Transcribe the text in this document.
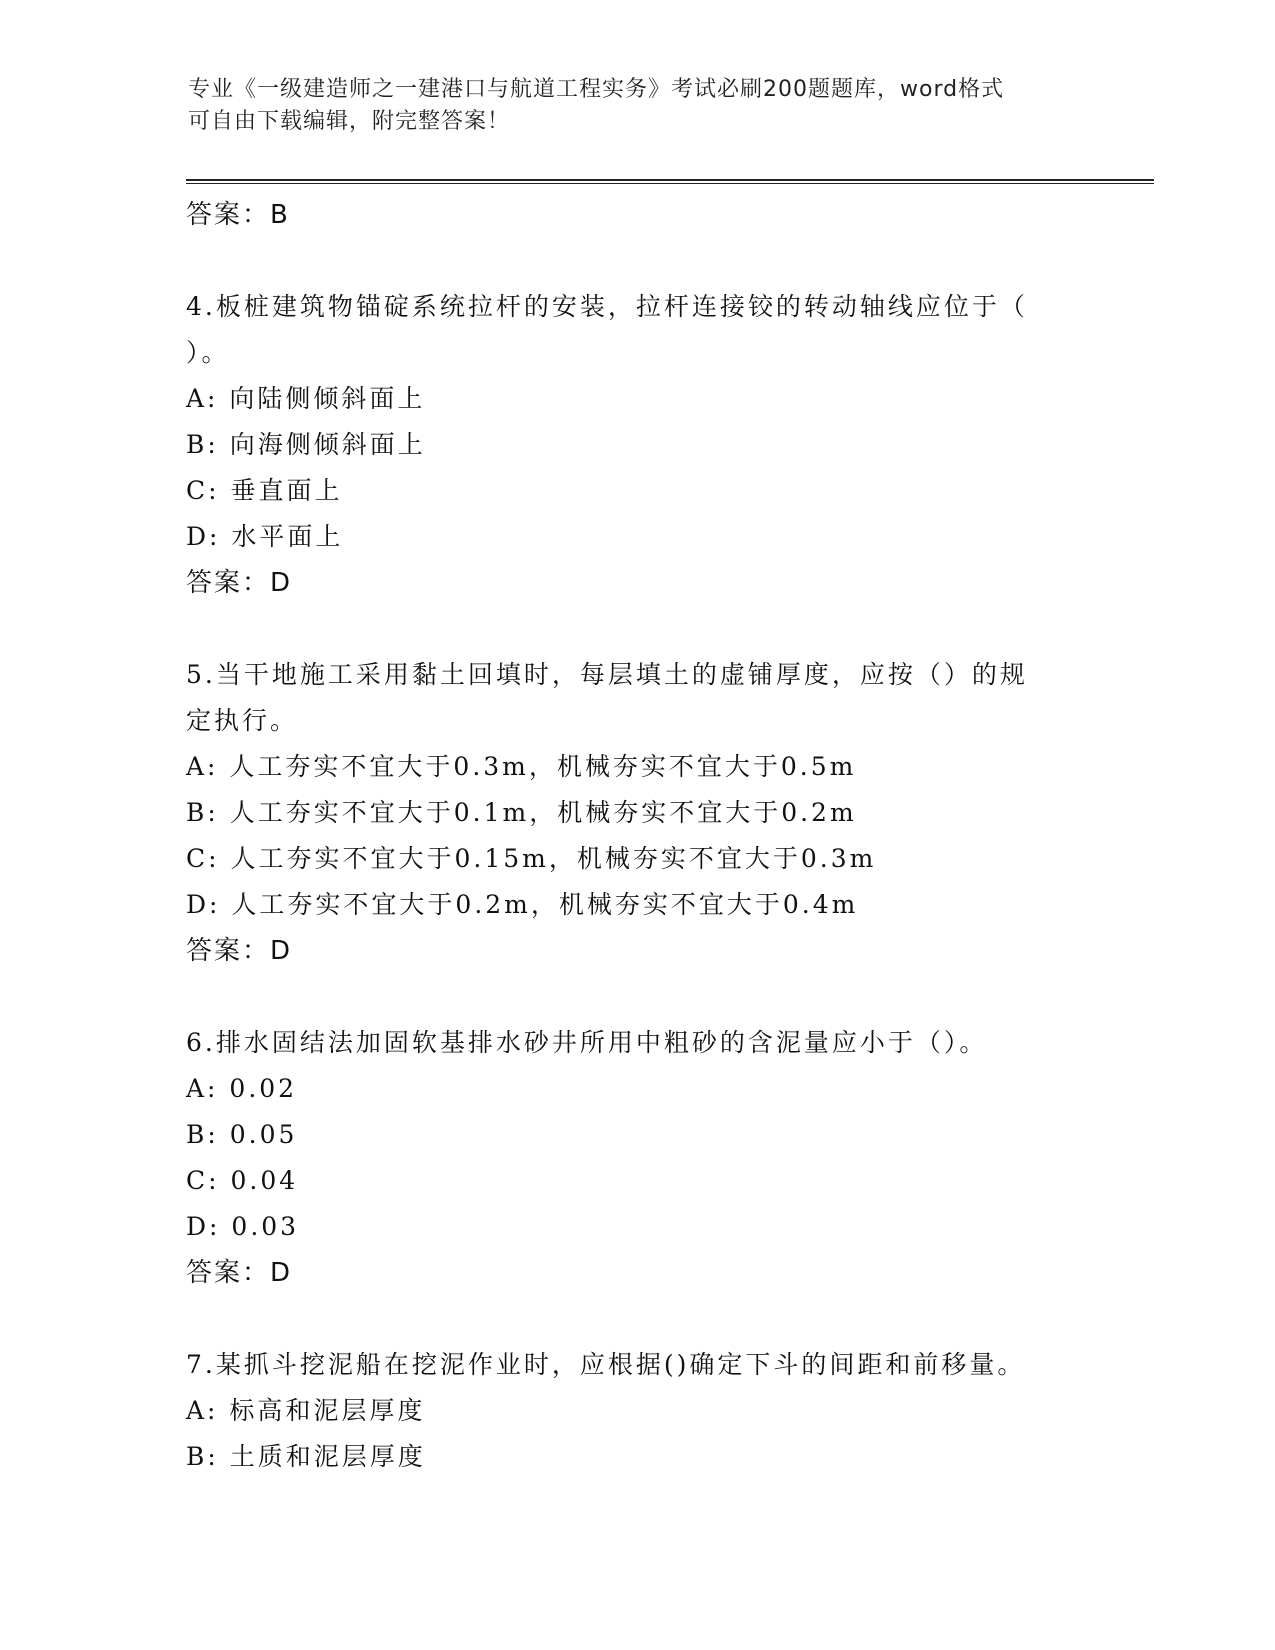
专业《一级建造师之一建港口与航道工程实务》考试必刷200题题库，word格式
可自由下载编辑，附完整答案！

答案：B

4.板桩建筑物锚碇系统拉杆的安装，拉杆连接铰的转动轴线应位于（

）。

A: 向陆侧倾斜面上

B: 向海侧倾斜面上

C: 垂直面上

D: 水平面上

答案：D

5.当干地施工采用黏土回填时，每层填土的虚铺厚度，应按（）的规

定执行。

A: 人工夯实不宜大于0.3m，机械夯实不宜大于0.5m

B: 人工夯实不宜大于0.1m，机械夯实不宜大于0.2m

C: 人工夯实不宜大于0.15m，机械夯实不宜大于0.3m

D: 人工夯实不宜大于0.2m，机械夯实不宜大于0.4m

答案：D

6.排水固结法加固软基排水砂井所用中粗砂的含泥量应小于（）。

A: 0.02

B: 0.05

C: 0.04

D: 0.03

答案：D

7.某抓斗挖泥船在挖泥作业时，应根据()确定下斗的间距和前移量。

A: 标高和泥层厚度

B: 土质和泥层厚度
